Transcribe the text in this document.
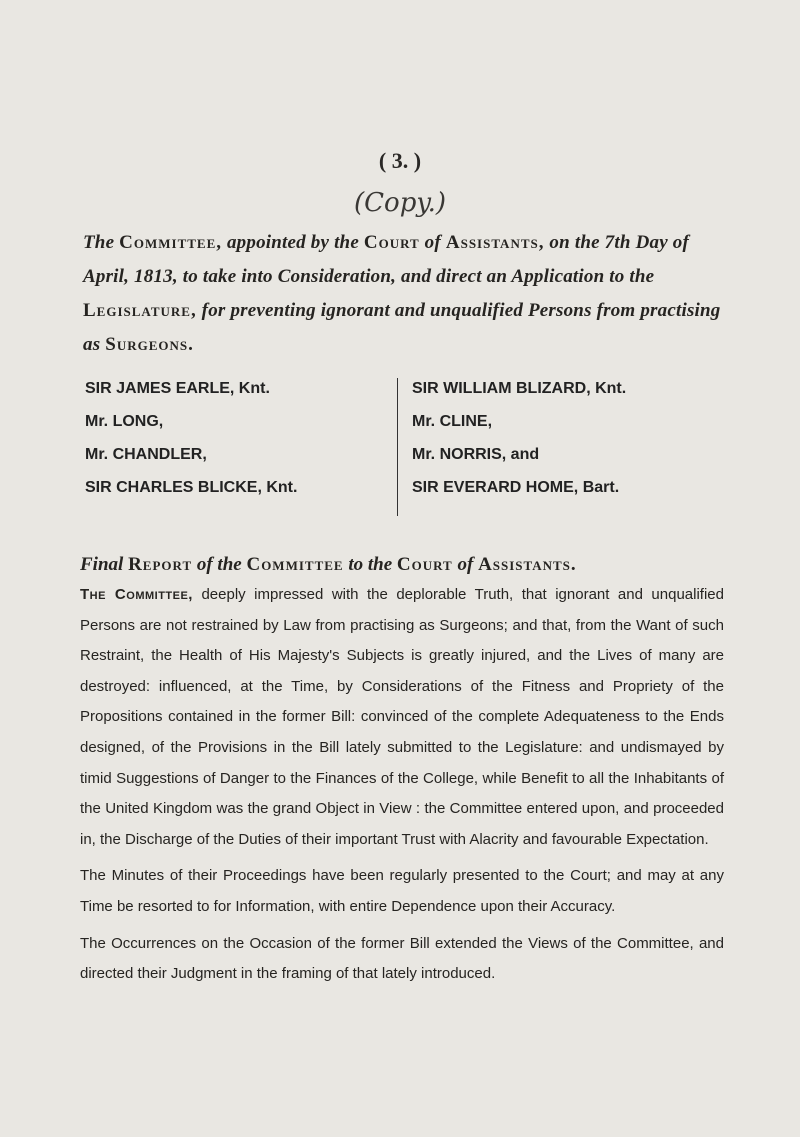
( 3. )
(Copy.)
The Committee, appointed by the Court of Assistants, on the 7th Day of April, 1813, to take into Consideration, and direct an Application to the Legislature, for preventing ignorant and unqualified Persons from practising as Surgeons.
SIR JAMES EARLE, Knt.
Mr. LONG,
Mr. CHANDLER,
SIR CHARLES BLICKE, Knt.
SIR WILLIAM BLIZARD, Knt.
Mr. CLINE,
Mr. NORRIS, and
SIR EVERARD HOME, Bart.
Final Report of the Committee to the Court of Assistants.

The Committee, deeply impressed with the deplorable Truth, that ignorant and unqualified Persons are not restrained by Law from practising as Surgeons; and that, from the Want of such Restraint, the Health of His Majesty's Subjects is greatly injured, and the Lives of many are destroyed: influenced, at the Time, by Considerations of the Fitness and Propriety of the Propositions contained in the former Bill: convinced of the complete Adequateness to the Ends designed, of the Provisions in the Bill lately submitted to the Legislature: and undismayed by timid Suggestions of Danger to the Finances of the College, while Benefit to all the Inhabitants of the United Kingdom was the grand Object in View : the Committee entered upon, and proceeded in, the Discharge of the Duties of their important Trust with Alacrity and favourable Expectation.

The Minutes of their Proceedings have been regularly presented to the Court; and may at any Time be resorted to for Information, with entire Dependence upon their Accuracy.

The Occurrences on the Occasion of the former Bill extended the Views of the Committee, and directed their Judgment in the framing of that lately introduced.
